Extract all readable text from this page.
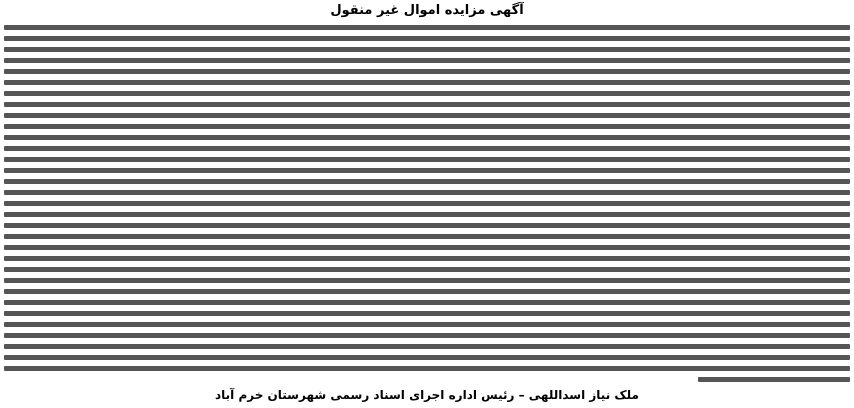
آگهی مزایده اموال غیر منقول
ملک نیاز اسداللهی – رئیس اداره اجرای اسناد رسمی شهرستان خرم آباد
